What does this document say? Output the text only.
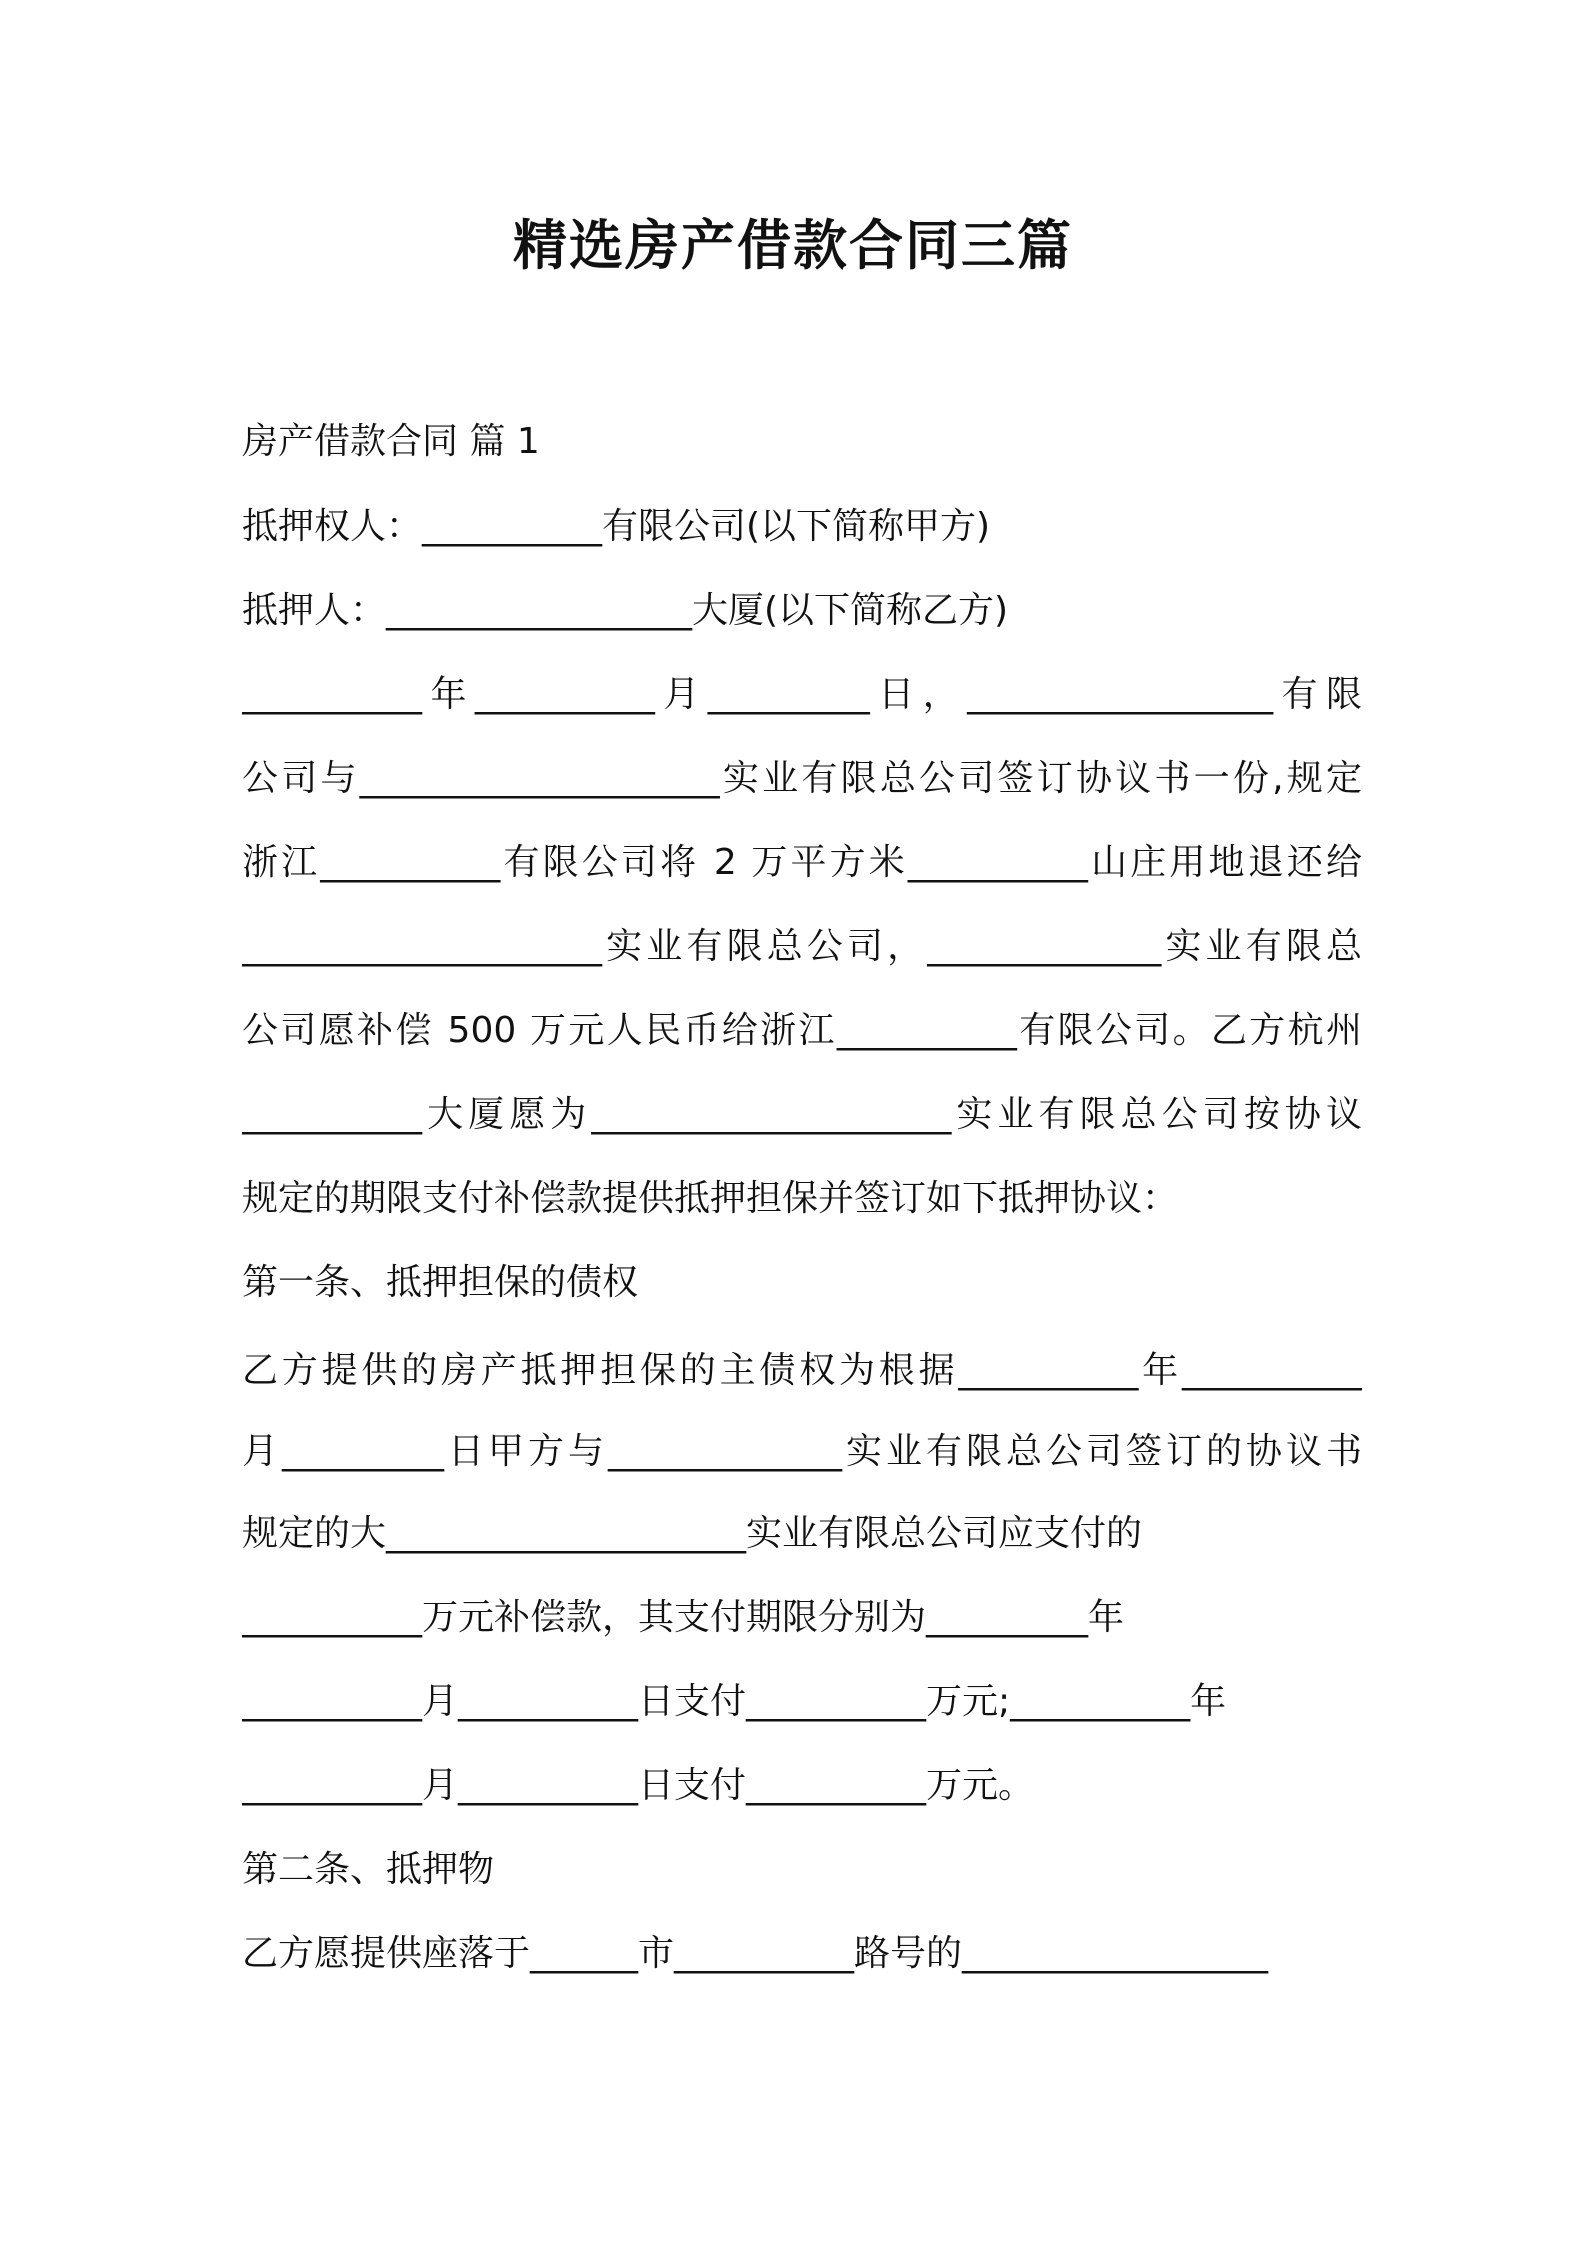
精选房产借款合同三篇
房产借款合同 篇 1
抵押权人：__________有限公司(以下简称甲方)
抵押人：_________________大厦(以下简称乙方)
__________年__________月_________日，_________________有限
公司与____________________实业有限总公司签订协议书一份,规定
浙江__________有限公司将 2 万平方米__________山庄用地退还给
____________________实业有限总公司，_____________实业有限总
公司愿补偿 500 万元人民币给浙江__________有限公司。乙方杭州
__________大厦愿为____________________实业有限总公司按协议
规定的期限支付补偿款提供抵押担保并签订如下抵押协议：
第一条、抵押担保的债权
乙方提供的房产抵押担保的主债权为根据__________年__________
月_________日甲方与_____________实业有限总公司签订的协议书
规定的大____________________实业有限总公司应支付的
__________万元补偿款，其支付期限分别为_________年
__________月__________日支付__________万元;__________年
__________月__________日支付__________万元。
第二条、抵押物
乙方愿提供座落于______市__________路号的_________________
